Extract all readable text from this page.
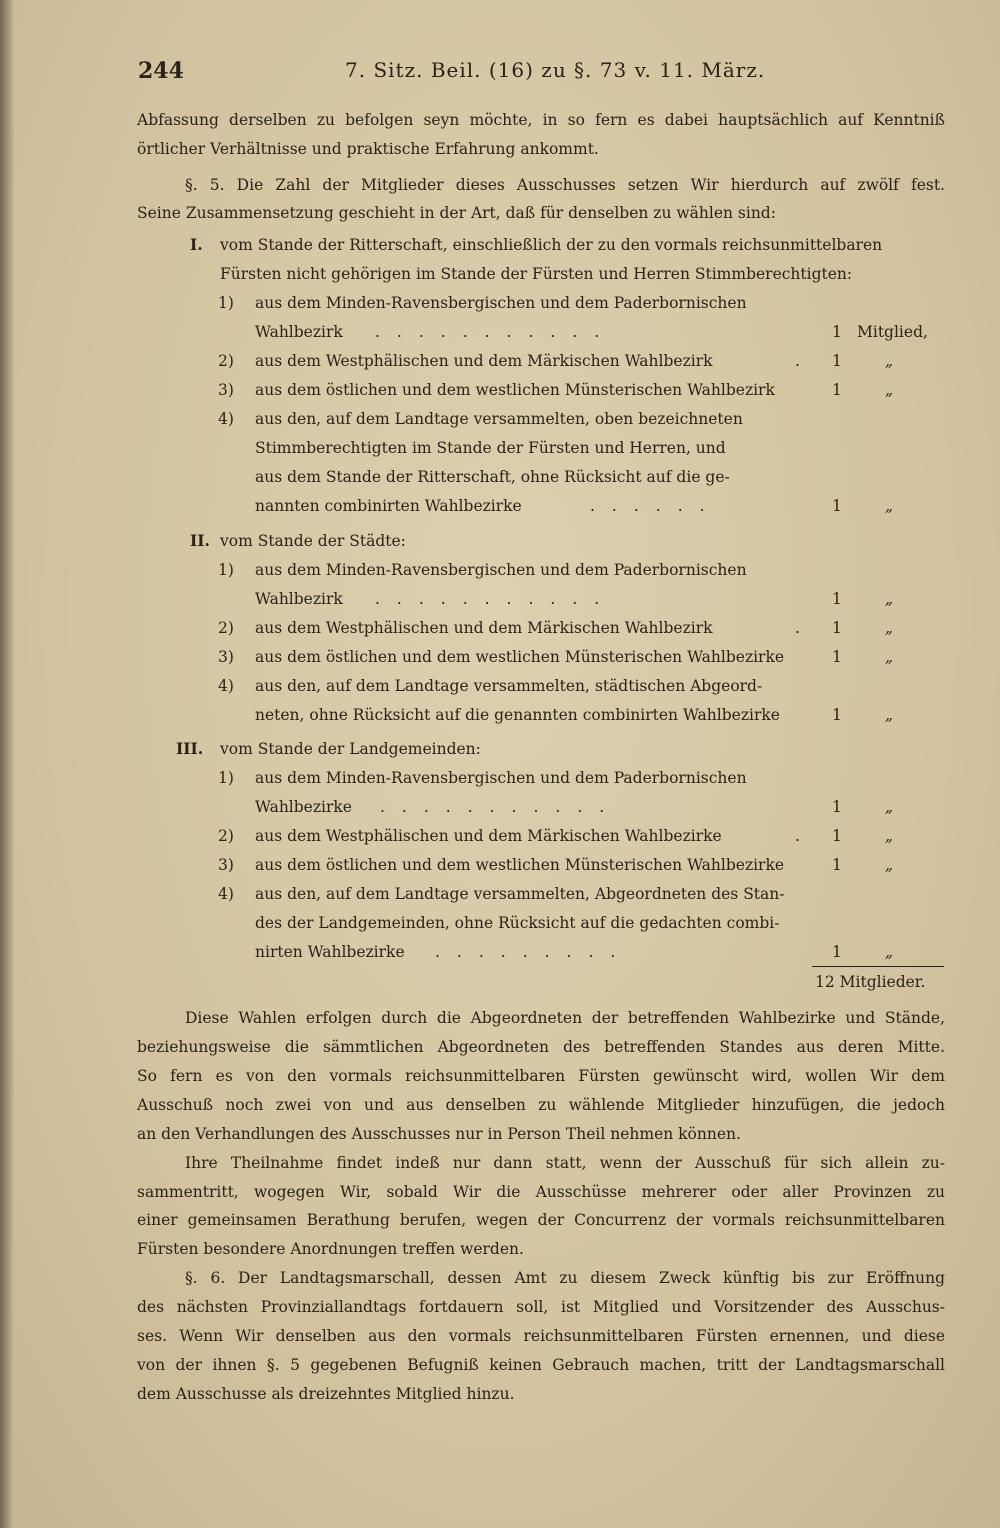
244	7. Sitz. Beil. (16) zu §. 73 v. 11. März.
Abfassung derselben zu befolgen seyn möchte, in so fern es dabei hauptsächlich auf Kenntniß
örtlicher Verhältnisse und praktische Erfahrung ankommt.
§. 5. Die Zahl der Mitglieder dieses Ausschusses setzen Wir hierdurch auf zwölf fest.
Seine Zusammensetzung geschieht in der Art, daß für denselben zu wählen sind:
I. vom Stande der Ritterschaft, einschließlich der zu den vormals reichsunmittelbaren
Fürsten nicht gehörigen im Stande der Fürsten und Herren Stimmberechtigten:
1) aus dem Minden-Ravensbergischen und dem Paderbornischen
Wahlbezirk ...........	1 Mitglied,
2) aus dem Westphälischen und dem Märkischen Wahlbezirk	. 1	„
3) aus dem östlichen und dem westlichen Münsterischen Wahlbezirk	1	„
4) aus den, auf dem Landtage versammelten, oben bezeichneten
Stimmberechtigten im Stande der Fürsten und Herren, und
aus dem Stande der Ritterschaft, ohne Rücksicht auf die ge-
nannten combinirten Wahlbezirke	......	1	„
II. vom Stande der Städte:
1) aus dem Minden-Ravensbergischen und dem Paderbornischen
Wahlbezirk ...........	1	„
2) aus dem Westphälischen und dem Märkischen Wahlbezirk	. 1	„
3) aus dem östlichen und dem westlichen Münsterischen Wahlbezirke	1	„
4) aus den, auf dem Landtage versammelten, städtischen Abgeord-
neten, ohne Rücksicht auf die genannten combinirten Wahlbezirke	1	„
III. vom Stande der Landgemeinden:
1) aus dem Minden-Ravensbergischen und dem Paderbornischen
Wahlbezirke ...........	1	„
2) aus dem Westphälischen und dem Märkischen Wahlbezirke	. 1	„
3) aus dem östlichen und dem westlichen Münsterischen Wahlbezirke	1	„
4) aus den, auf dem Landtage versammelten, Abgeordneten des Stan-
des der Landgemeinden, ohne Rücksicht auf die gedachten combi-
nirten Wahlbezirke .........	1	„
12 Mitglieder.
Diese Wahlen erfolgen durch die Abgeordneten der betreffenden Wahlbezirke und Stände,
beziehungsweise die sämmtlichen Abgeordneten des betreffenden Standes aus deren Mitte.
So fern es von den vormals reichsunmittelbaren Fürsten gewünscht wird, wollen Wir dem
Ausschuß noch zwei von und aus denselben zu wählende Mitglieder hinzufügen, die jedoch
an den Verhandlungen des Ausschusses nur in Person Theil nehmen können.
Ihre Theilnahme findet indeß nur dann statt, wenn der Ausschuß für sich allein zu-
sammentritt, wogegen Wir, sobald Wir die Ausschüsse mehrerer oder aller Provinzen zu
einer gemeinsamen Berathung berufen, wegen der Concurrenz der vormals reichsunmittelbaren
Fürsten besondere Anordnungen treffen werden.
§. 6. Der Landtagsmarschall, dessen Amt zu diesem Zweck künftig bis zur Eröffnung
des nächsten Provinziallandtags fortdauern soll, ist Mitglied und Vorsitzender des Ausschus-
ses. Wenn Wir denselben aus den vormals reichsunmittelbaren Fürsten ernennen, und diese
von der ihnen §. 5 gegebenen Befugniß keinen Gebrauch machen, tritt der Landtagsmarschall
dem Ausschusse als dreizehntes Mitglied hinzu.
